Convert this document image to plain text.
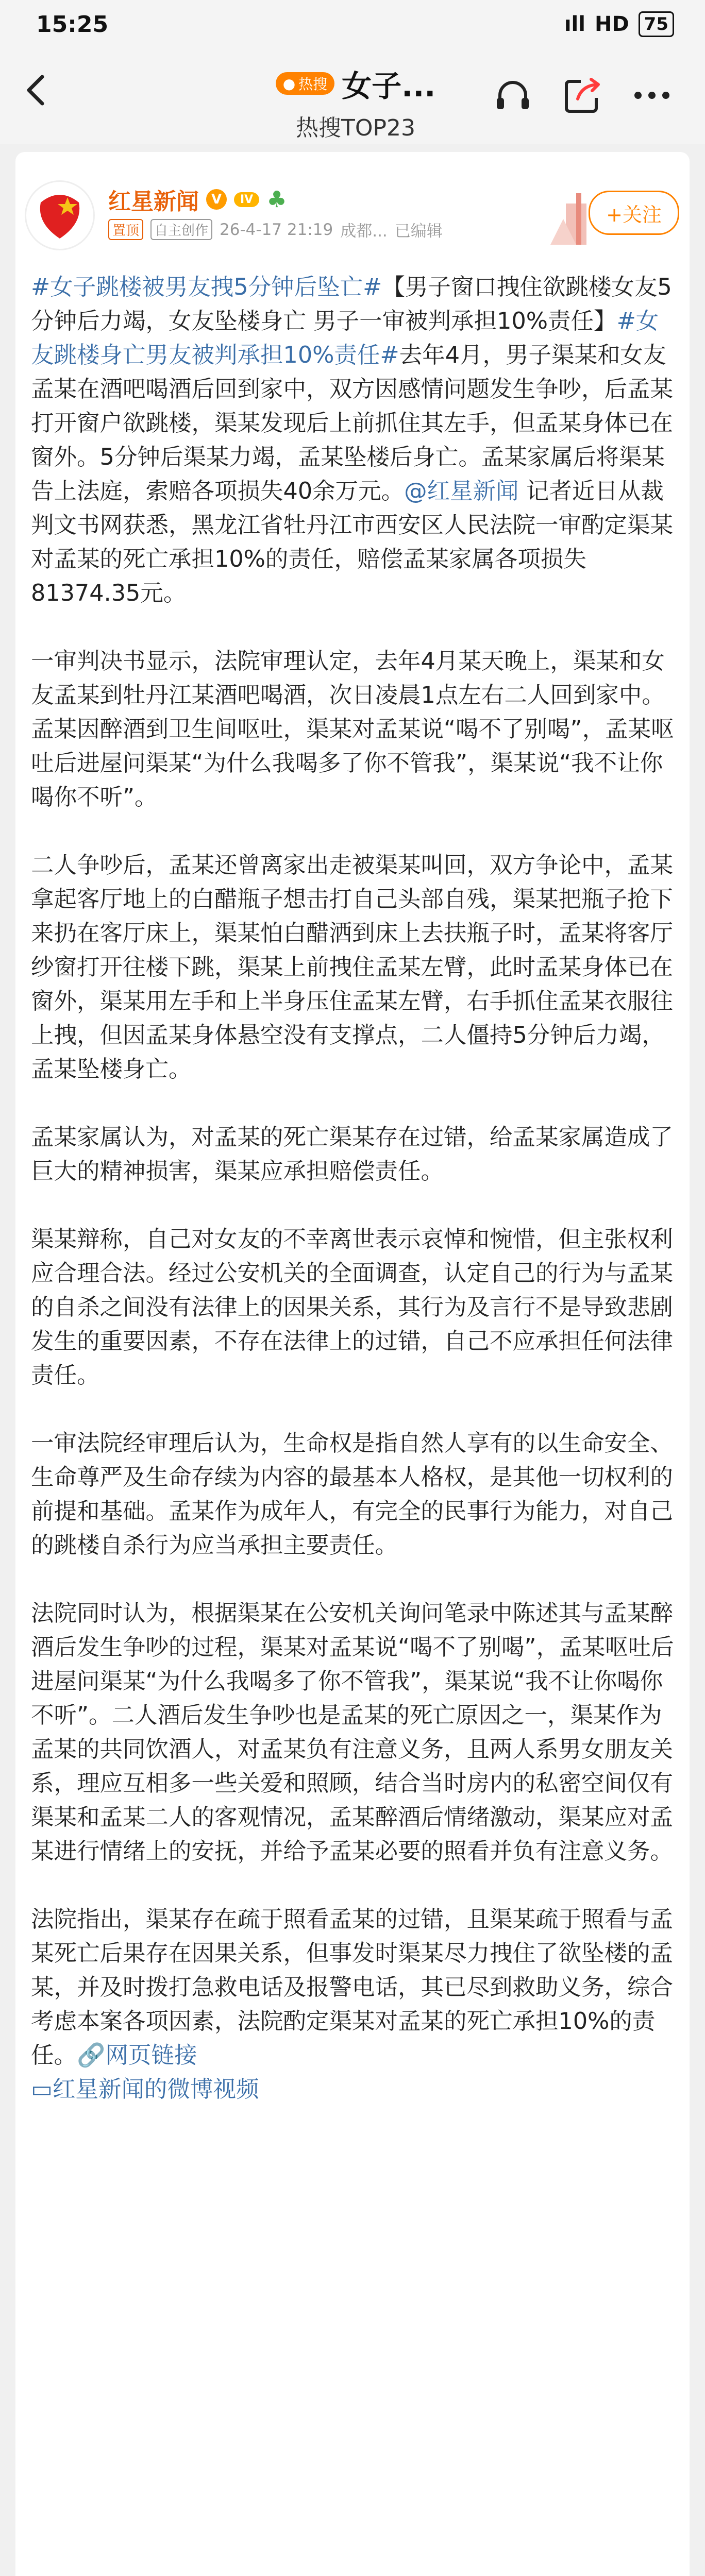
15:25	ıll HD 75
● 热搜 女子...
热搜TOP23
红星新闻 V	IV ♣
置顶	自主创作 26-4-17 21:19 成都... 已编辑
+关注

#女子跳楼被男友拽5分钟后坠亡#【男子窗口拽住欲跳楼女友5分钟后力竭，女友坠楼身亡 男子一审被判承担10%责任】#女友跳楼身亡男友被判承担10%责任#去年4月，男子渠某和女友孟某在酒吧喝酒后回到家中，双方因感情问题发生争吵，后孟某打开窗户欲跳楼，渠某发现后上前抓住其左手，但孟某身体已在窗外。5分钟后渠某力竭，孟某坠楼后身亡。孟某家属后将渠某告上法庭，索赔各项损失40余万元。@红星新闻 记者近日从裁判文书网获悉，黑龙江省牡丹江市西安区人民法院一审酌定渠某对孟某的死亡承担10%的责任，赔偿孟某家属各项损失81374.35元。

一审判决书显示，法院审理认定，去年4月某天晚上，渠某和女友孟某到牡丹江某酒吧喝酒，次日凌晨1点左右二人回到家中。孟某因醉酒到卫生间呕吐，渠某对孟某说“喝不了别喝”，孟某呕吐后进屋问渠某“为什么我喝多了你不管我”，渠某说“我不让你喝你不听”。

二人争吵后，孟某还曾离家出走被渠某叫回，双方争论中，孟某拿起客厅地上的白醋瓶子想击打自己头部自残，渠某把瓶子抢下来扔在客厅床上，渠某怕白醋洒到床上去扶瓶子时，孟某将客厅纱窗打开往楼下跳，渠某上前拽住孟某左臂，此时孟某身体已在窗外，渠某用左手和上半身压住孟某左臂，右手抓住孟某衣服往上拽，但因孟某身体悬空没有支撑点，二人僵持5分钟后力竭，孟某坠楼身亡。

孟某家属认为，对孟某的死亡渠某存在过错，给孟某家属造成了巨大的精神损害，渠某应承担赔偿责任。

渠某辩称，自己对女友的不幸离世表示哀悼和惋惜，但主张权利应合理合法。经过公安机关的全面调查，认定自己的行为与孟某的自杀之间没有法律上的因果关系，其行为及言行不是导致悲剧发生的重要因素，不存在法律上的过错，自己不应承担任何法律责任。

一审法院经审理后认为，生命权是指自然人享有的以生命安全、生命尊严及生命存续为内容的最基本人格权，是其他一切权利的前提和基础。孟某作为成年人，有完全的民事行为能力，对自己的跳楼自杀行为应当承担主要责任。

法院同时认为，根据渠某在公安机关询问笔录中陈述其与孟某醉酒后发生争吵的过程，渠某对孟某说“喝不了别喝”，孟某呕吐后进屋问渠某“为什么我喝多了你不管我”，渠某说“我不让你喝你不听”。二人酒后发生争吵也是孟某的死亡原因之一，渠某作为孟某的共同饮酒人，对孟某负有注意义务，且两人系男女朋友关系，理应互相多一些关爱和照顾，结合当时房内的私密空间仅有渠某和孟某二人的客观情况，孟某醉酒后情绪激动，渠某应对孟某进行情绪上的安抚，并给予孟某必要的照看并负有注意义务。

法院指出，渠某存在疏于照看孟某的过错，且渠某疏于照看与孟某死亡后果存在因果关系，但事发时渠某尽力拽住了欲坠楼的孟某，并及时拨打急救电话及报警电话，其已尽到救助义务，综合考虑本案各项因素，法院酌定渠某对孟某的死亡承担10%的责任。🔗网页链接
▭红星新闻的微博视频
